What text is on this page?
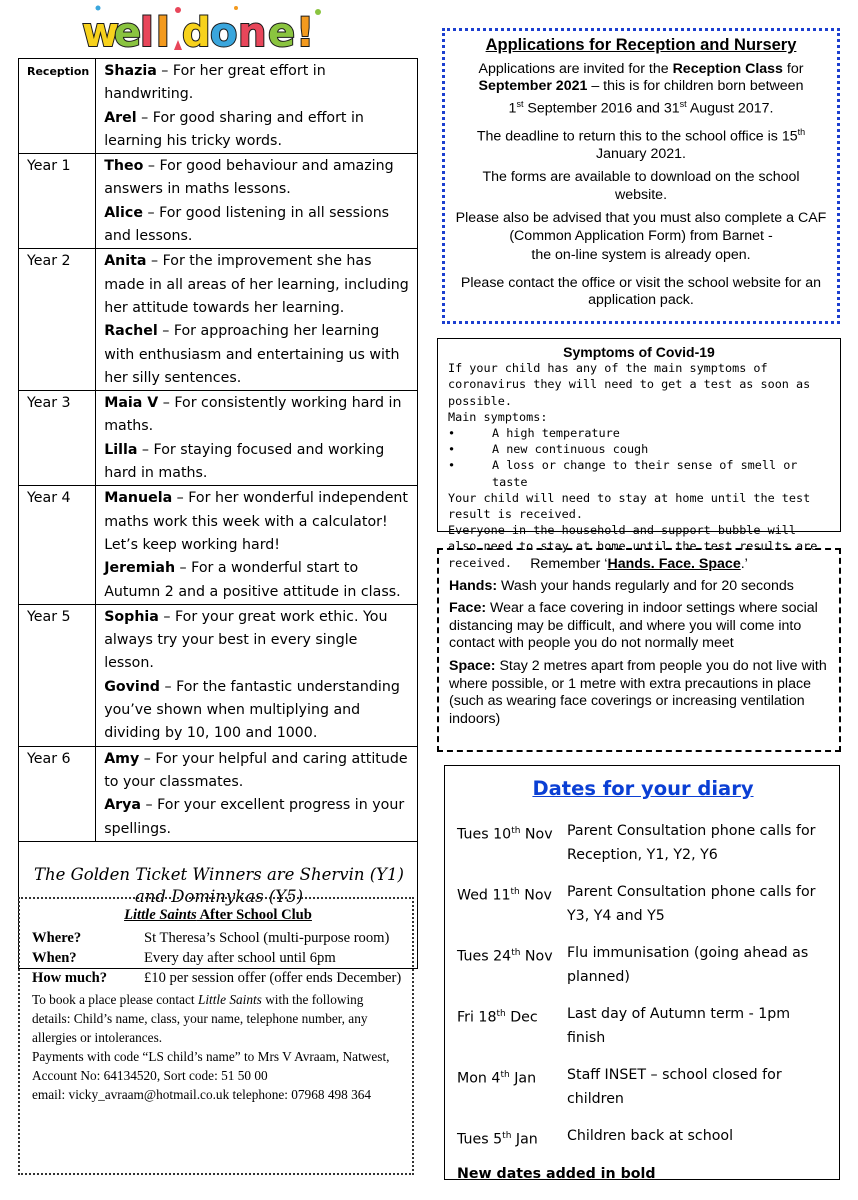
w
e
l l d o n e !
Reception	Shazia – For her great effort in handwriting.
Arel – For good sharing and effort in learning his tricky words.

Year 1	Theo – For good behaviour and amazing answers in maths lessons.
Alice – For good listening in all sessions and lessons.

Year 2	Anita – For the improvement she has made in all areas of her learning, including her attitude towards her learning.
Rachel – For approaching her learning with enthusiasm and entertaining us with her silly sentences.

Year 3	Maia V – For consistently working hard in maths.
Lilla – For staying focused and working hard in maths.

Year 4	Manuela – For her wonderful independent maths work this week with a calculator! Let’s keep working hard!
Jeremiah – For a wonderful start to Autumn 2 and a positive attitude in class.

Year 5	Sophia – For your great work ethic. You always try your best in every single lesson.
Govind – For the fantastic understanding you’ve shown when multiplying and dividing by 10, 100 and 1000.

Year 6	Amy – For your helpful and caring attitude to your classmates.
Arya – For your excellent progress in your spellings.

The Golden Ticket Winners are Shervin (Y1) and Dominykas (Y5)	
Little Saints After School Club
Where?	St Theresa’s School (multi-purpose room)
When?	Every day after school until 6pm
How much?	£10 per session offer (offer ends December)
To book a place please contact Little Saints with the following details: Child’s name, class, your name, telephone number, any allergies or intolerances.
Payments with code “LS child’s name” to Mrs V Avraam, Natwest, Account No: 64134520, Sort code: 51 50 00
email: vicky_avraam@hotmail.co.uk telephone: 07968 498 364
Applications for Reception and Nursery

Applications are invited for the Reception Class for September 2021 – this is for children born between
1st September 2016 and 31st August 2017.

The deadline to return this to the school office is 15th January 2021.

The forms are available to download on the school website.

Please also be advised that you must also complete a CAF (Common Application Form) from Barnet -

the on-line system is already open.

Please contact the office or visit the school website for an application pack.

Symptoms of Covid-19
If your child has any of the main symptoms of coronavirus they will need to get a test as soon as possible.
Main symptoms:
•	A high temperature
•	A new continuous cough
•	A loss or change to their sense of smell or taste
Your child will need to stay at home until the test result is received.
Everyone in the household and support bubble will also need to stay at home until the test results are received.	Remember ‘Hands. Face. Space.’

Hands: Wash your hands regularly and for 20 seconds

Face: Wear a face covering in indoor settings where social distancing may be difficult, and where you will come into contact with people you do not normally meet

Space: Stay 2 metres apart from people you do not live with where possible, or 1 metre with extra precautions in place (such as wearing face coverings or increasing ventilation indoors)

Dates for your diary
Tues 10th Nov	Parent Consultation phone calls for Reception, Y1, Y2, Y6
Wed 11th Nov	Parent Consultation phone calls for Y3, Y4 and Y5
Tues 24th Nov	Flu immunisation (going ahead as planned)
Fri 18th Dec	Last day of Autumn term - 1pm finish
Mon 4th Jan	Staff INSET – school closed for children
Tues 5th Jan	Children back at school
New dates added in bold
